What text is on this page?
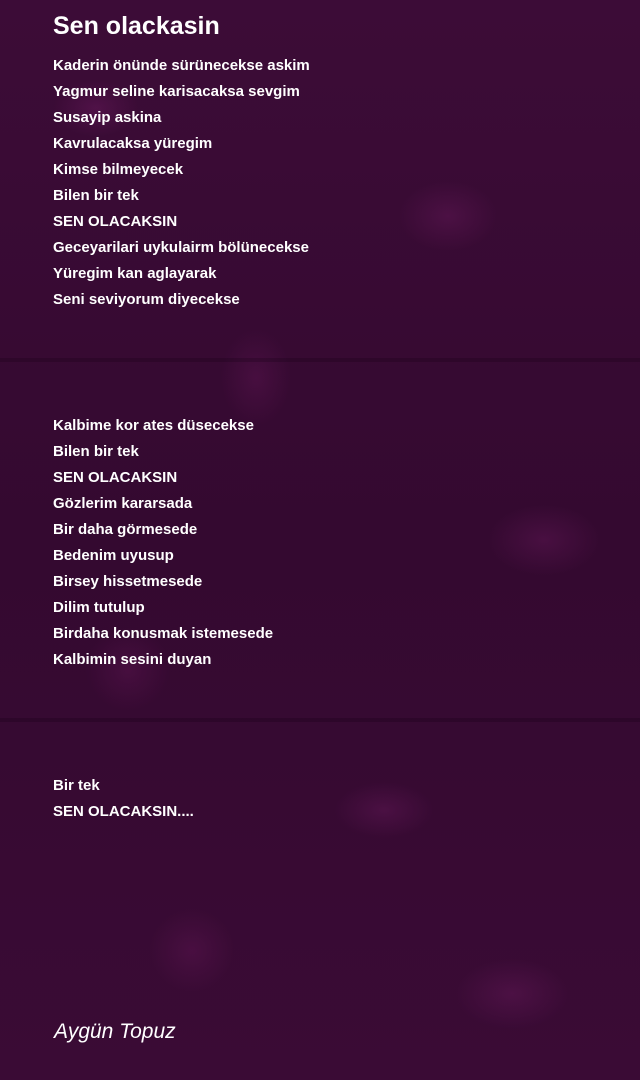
Sen olackasin
Kaderin önünde sürünecekse askim
Yagmur seline karisacaksa sevgim
Susayip askina
Kavrulacaksa yüregim
Kimse bilmeyecek
Bilen bir tek
SEN OLACAKSIN
Geceyarilari uykulairm bölünecekse
Yüregim kan aglayarak
Seni seviyorum diyecekse
Kalbime kor ates düsecekse
Bilen bir tek
SEN OLACAKSIN
Gözlerim kararsada
Bir daha görmesede
Bedenim uyusup
Birsey hissetmesede
Dilim tutulup
Birdaha konusmak istemesede
Kalbimin sesini duyan
Bir tek
SEN OLACAKSIN....
Aygün Topuz
